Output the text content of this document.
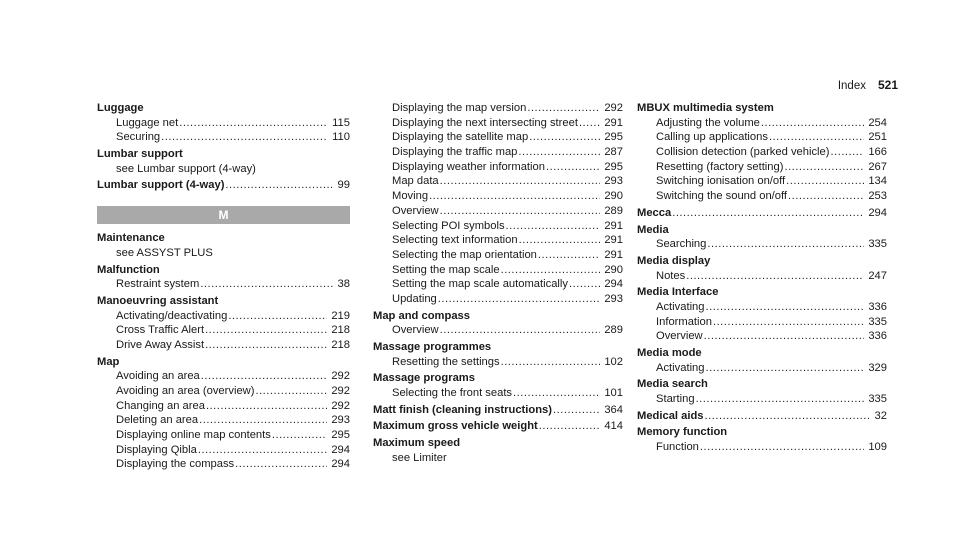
Index 521
Luggage
Luggage net .....	115
Securing .....	110
Lumbar support
see Lumbar support (4-way)
Lumbar support (4-way) .....	99
M
Maintenance
see ASSYST PLUS
Malfunction
Restraint system .....	38
Manoeuvring assistant
Activating/deactivating .....	219
Cross Traffic Alert .....	218
Drive Away Assist .....	218
Map
Avoiding an area .....	292
Avoiding an area (overview) .....	292
Changing an area .....	292
Deleting an area .....	293
Displaying online map contents .....	295
Displaying Qibla .....	294
Displaying the compass .....	294
Displaying the map version .....	292
Displaying the next intersecting street ..... 291
Displaying the satellite map .....	295
Displaying the traffic map .....	287
Displaying weather information .....	295
Map data .....	293
Moving .....	290
Overview .....	289
Selecting POI symbols .....	291
Selecting text information .....	291
Selecting the map orientation .....	291
Setting the map scale .....	290
Setting the map scale automatically .....	294
Updating .....	293
Map and compass
Overview .....	289
Massage programmes
Resetting the settings .....	102
Massage programs
Selecting the front seats .....	101
Matt finish (cleaning instructions) .....	364
Maximum gross vehicle weight .....	414
Maximum speed
see Limiter
MBUX multimedia system
Adjusting the volume .....	254
Calling up applications .....	251
Collision detection (parked vehicle) .....	166
Resetting (factory setting) .....	267
Switching ionisation on/off .....	134
Switching the sound on/off .....	253
Mecca .....	294
Media
Searching .....	335
Media display
Notes .....	247
Media Interface
Activating .....	336
Information .....	335
Overview .....	336
Media mode
Activating .....	329
Media search
Starting .....	335
Medical aids .....	32
Memory function
Function .....	109
